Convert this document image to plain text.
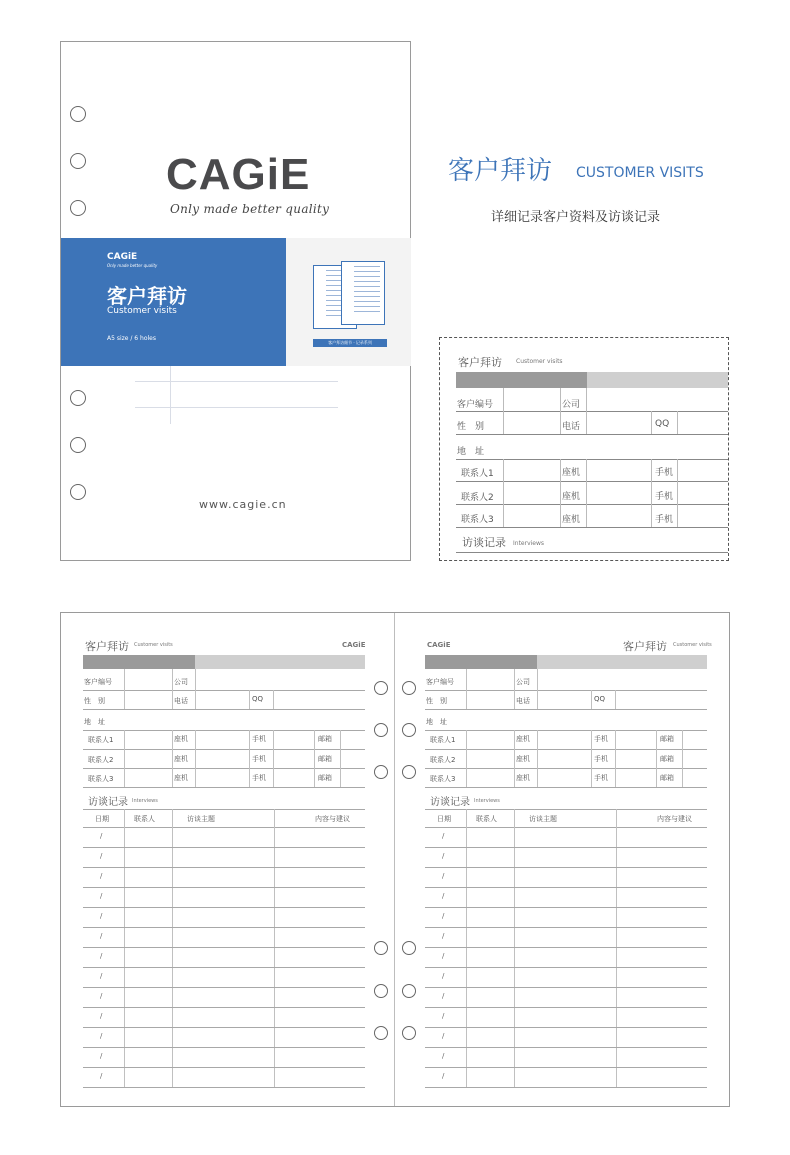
CAGiE
Only made better quality
CAGiE
Only made better quality
客户拜访
Customer visits
A5 size / 6 holes
客户拜访细节 · 记录系列
www.cagie.cn
客户拜访 CUSTOMER VISITS
详细记录客户资料及访谈记录
客户拜访 Customer visits
客户编号	公司
性　别	电话	QQ
地　址
联系人1	座机	手机
联系人2	座机	手机
联系人3	座机	手机
访谈记录 Interviews
客户拜访 Customer visits	CAGiE
客户编号	公司
性　别	电话	QQ
地　址
联系人1	座机	手机	邮箱
联系人2	座机	手机	邮箱
联系人3	座机	手机	邮箱
访谈记录 Interviews
日期	联系人	访谈主题	内容与建议
/
/
/
/
/
/
/
/
/
/
/
/
/
CAGiE	客户拜访 Customer visits
客户编号	公司
性　别	电话	QQ
地　址
联系人1	座机	手机	邮箱
联系人2	座机	手机	邮箱
联系人3	座机	手机	邮箱
访谈记录 Interviews
日期	联系人	访谈主题	内容与建议
/
/
/
/
/
/
/
/
/
/
/
/
/
